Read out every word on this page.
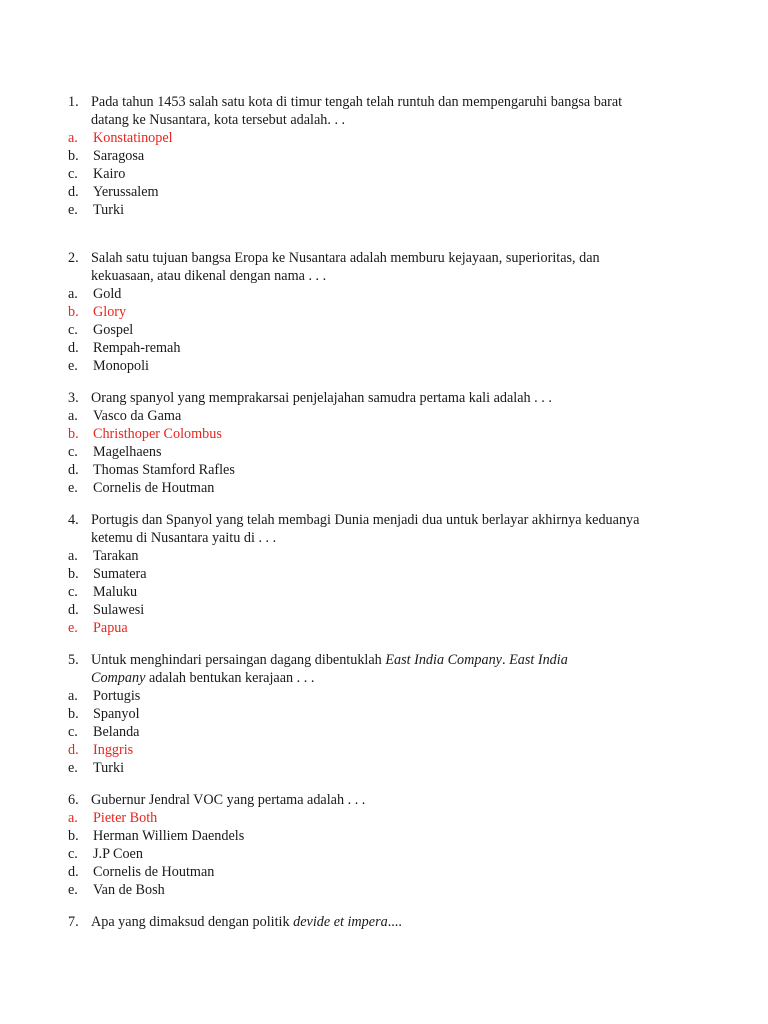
1. Pada tahun 1453 salah satu kota di timur tengah telah runtuh dan mempengaruhi bangsa barat
datang ke Nusantara, kota tersebut adalah. . .
a. Konstatinopel
b. Saragosa
c. Kairo
d. Yerussalem
e. Turki
2. Salah satu tujuan bangsa Eropa ke Nusantara adalah memburu kejayaan, superioritas, dan
kekuasaan, atau dikenal dengan nama . . .
a. Gold
b. Glory
c. Gospel
d. Rempah-remah
e. Monopoli
3. Orang spanyol yang memprakarsai penjelajahan samudra pertama kali adalah . . .
a. Vasco da Gama
b. Christhoper Colombus
c. Magelhaens
d. Thomas Stamford Rafles
e. Cornelis de Houtman
4. Portugis dan Spanyol yang telah membagi Dunia menjadi dua untuk berlayar akhirnya keduanya
ketemu di Nusantara yaitu di . . .
a. Tarakan
b. Sumatera
c. Maluku
d. Sulawesi
e. Papua
5. Untuk menghindari persaingan dagang dibentuklah East India Company. East India
Company adalah bentukan kerajaan . . .
a. Portugis
b. Spanyol
c. Belanda
d. Inggris
e. Turki
6. Gubernur Jendral VOC yang pertama adalah . . .
a. Pieter Both
b. Herman Williem Daendels
c. J.P Coen
d. Cornelis de Houtman
e. Van de Bosh
7. Apa yang dimaksud dengan politik devide et impera....
